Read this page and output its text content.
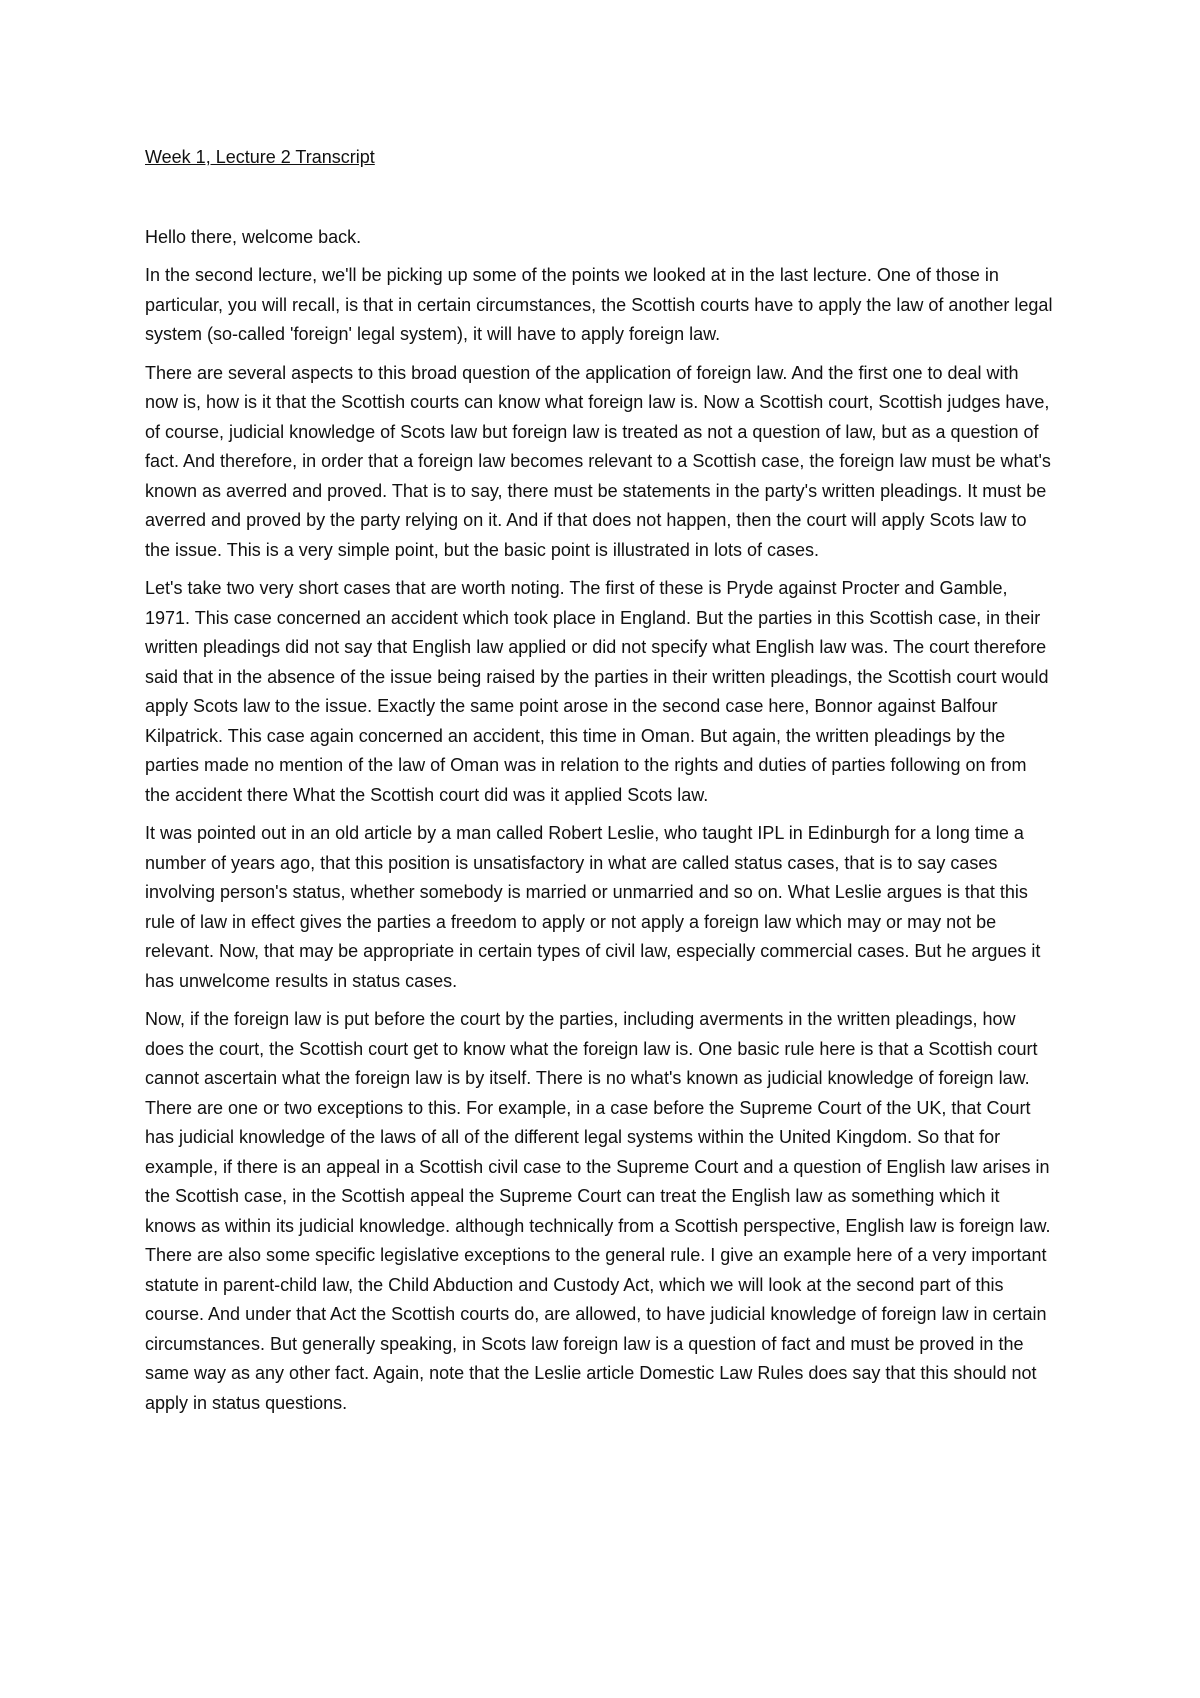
Week 1, Lecture 2 Transcript

Hello there, welcome back.

In the second lecture, we'll be picking up some of the points we looked at in the last lecture. One of those in particular, you will recall, is that in certain circumstances, the Scottish courts have to apply the law of another legal system (so-called 'foreign' legal system), it will have to apply foreign law.

There are several aspects to this broad question of the application of foreign law. And the first one to deal with now is, how is it that the Scottish courts can know what foreign law is. Now a Scottish court, Scottish judges have, of course, judicial knowledge of Scots law but foreign law is treated as not a question of law, but as a question of fact. And therefore, in order that a foreign law becomes relevant to a Scottish case, the foreign law must be what's known as averred and proved. That is to say, there must be statements in the party's written pleadings. It must be averred and proved by the party relying on it. And if that does not happen, then the court will apply Scots law to the issue. This is a very simple point, but the basic point is illustrated in lots of cases.

Let's take two very short cases that are worth noting. The first of these is Pryde against Procter and Gamble, 1971. This case concerned an accident which took place in England. But the parties in this Scottish case, in their written pleadings did not say that English law applied or did not specify what English law was. The court therefore said that in the absence of the issue being raised by the parties in their written pleadings, the Scottish court would apply Scots law to the issue. Exactly the same point arose in the second case here, Bonnor against Balfour Kilpatrick. This case again concerned an accident, this time in Oman. But again, the written pleadings by the parties made no mention of the law of Oman was in relation to the rights and duties of parties following on from the accident there What the Scottish court did was it applied Scots law.

It was pointed out in an old article by a man called Robert Leslie, who taught IPL in Edinburgh for a long time a number of years ago, that this position is unsatisfactory in what are called status cases, that is to say cases involving person's status, whether somebody is married or unmarried and so on. What Leslie argues is that this rule of law in effect gives the parties a freedom to apply or not apply a foreign law which may or may not be relevant. Now, that may be appropriate in certain types of civil law, especially commercial cases. But he argues it has unwelcome results in status cases.

Now, if the foreign law is put before the court by the parties, including averments in the written pleadings, how does the court, the Scottish court get to know what the foreign law is. One basic rule here is that a Scottish court cannot ascertain what the foreign law is by itself. There is no what's known as judicial knowledge of foreign law. There are one or two exceptions to this. For example, in a case before the Supreme Court of the UK, that Court has judicial knowledge of the laws of all of the different legal systems within the United Kingdom. So that for example, if there is an appeal in a Scottish civil case to the Supreme Court and a question of English law arises in the Scottish case, in the Scottish appeal the Supreme Court can treat the English law as something which it knows as within its judicial knowledge. although technically from a Scottish perspective, English law is foreign law. There are also some specific legislative exceptions to the general rule. I give an example here of a very important statute in parent-child law, the Child Abduction and Custody Act, which we will look at the second part of this course. And under that Act the Scottish courts do, are allowed, to have judicial knowledge of foreign law in certain circumstances. But generally speaking, in Scots law foreign law is a question of fact and must be proved in the same way as any other fact. Again, note that the Leslie article Domestic Law Rules does say that this should not apply in status questions.
